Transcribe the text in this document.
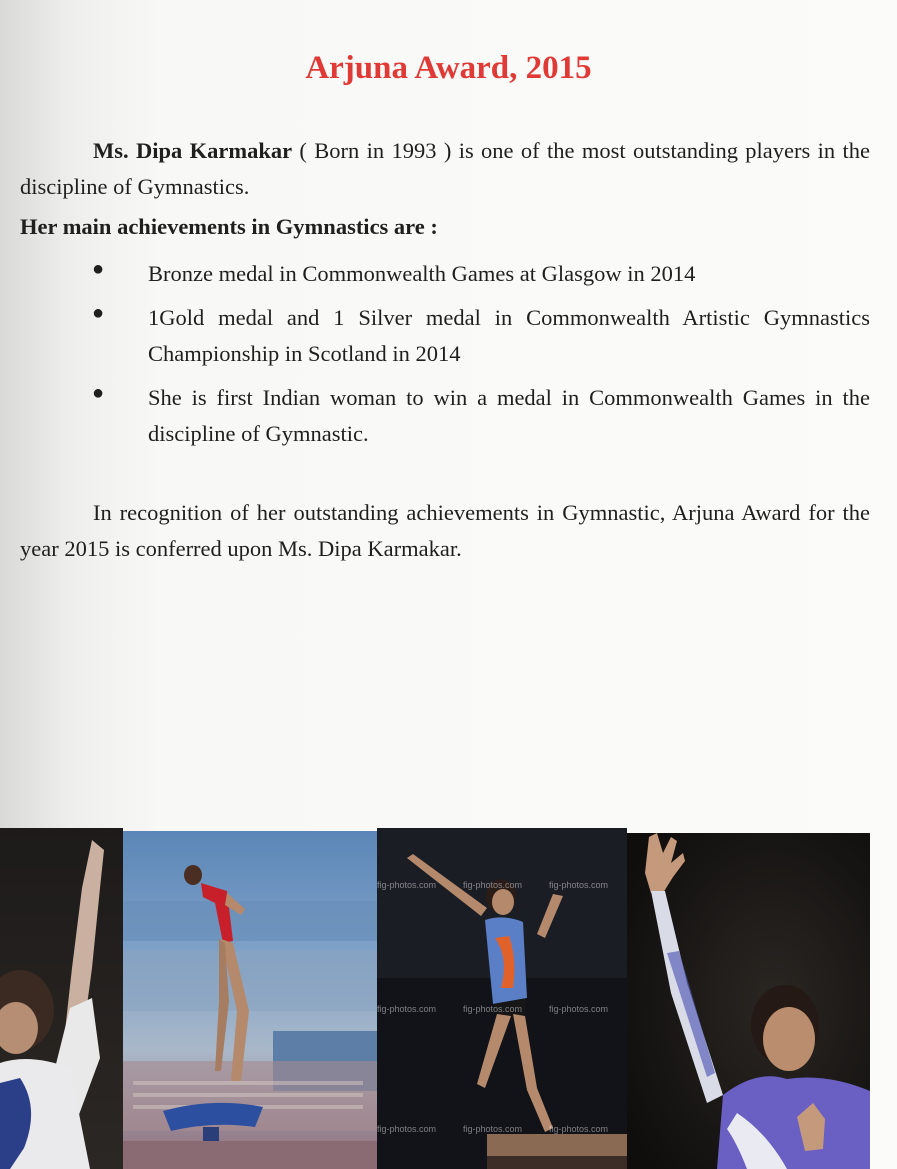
Arjuna Award, 2015

Ms. Dipa Karmakar ( Born in 1993 ) is one of the most outstanding players in the discipline of Gymnastics.

Her main achievements in Gymnastics are :
● Bronze medal in Commonwealth Games at Glasgow in 2014
● 1Gold medal and 1 Silver medal in Commonwealth Artistic Gymnastics Championship in Scotland in 2014
● She is first Indian woman to win a medal in Commonwealth Games in the discipline of Gymnastic.

In recognition of her outstanding achievements in Gymnastic, Arjuna Award for the year 2015 is conferred upon Ms. Dipa Karmakar.

fig-photos.com	fig-photos.com	fig-photos.com
fig-photos.com	fig-photos.com	fig-photos.com
fig-photos.com	fig-photos.com	fig-photos.com
